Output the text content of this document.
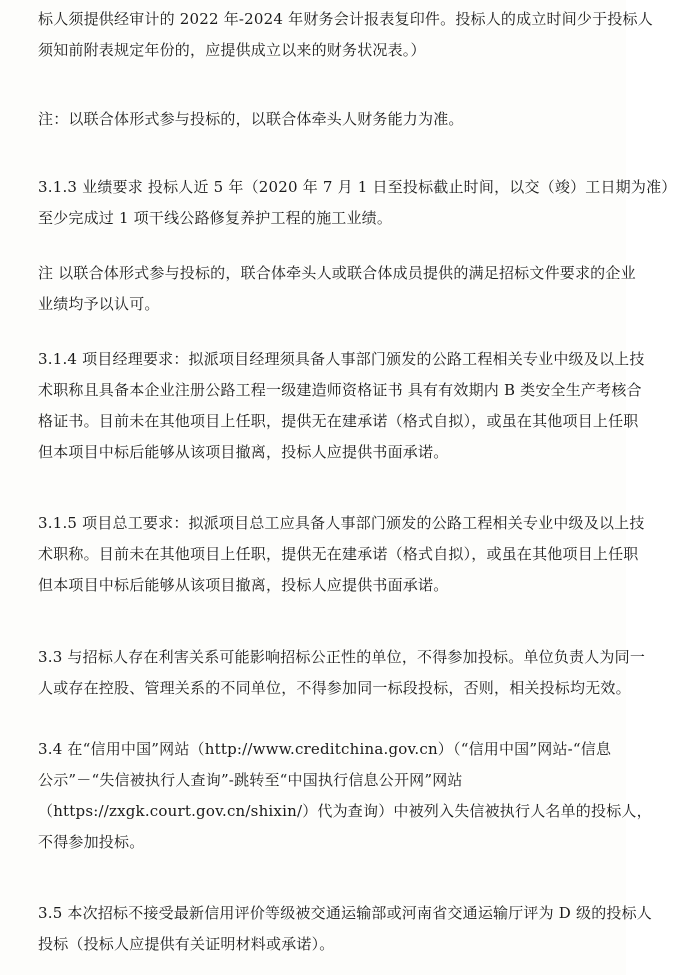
标人须提供经审计的 2022 年-2024 年财务会计报表复印件。投标人的成立时间少于投标人
须知前附表规定年份的，应提供成立以来的财务状况表。）

注：以联合体形式参与投标的，以联合体牵头人财务能力为准。

3.1.3 业绩要求 投标人近 5 年（2020 年 7 月 1 日至投标截止时间，以交（竣）工日期为准）
至少完成过 1 项干线公路修复养护工程的施工业绩。

注 以联合体形式参与投标的，联合体牵头人或联合体成员提供的满足招标文件要求的企业
业绩均予以认可。

3.1.4 项目经理要求：拟派项目经理须具备人事部门颁发的公路工程相关专业中级及以上技
术职称且具备本企业注册公路工程一级建造师资格证书 具有有效期内 B 类安全生产考核合
格证书。目前未在其他项目上任职，提供无在建承诺（格式自拟），或虽在其他项目上任职
但本项目中标后能够从该项目撤离，投标人应提供书面承诺。

3.1.5 项目总工要求：拟派项目总工应具备人事部门颁发的公路工程相关专业中级及以上技
术职称。目前未在其他项目上任职，提供无在建承诺（格式自拟），或虽在其他项目上任职
但本项目中标后能够从该项目撤离，投标人应提供书面承诺。

3.3 与招标人存在利害关系可能影响招标公正性的单位，不得参加投标。单位负责人为同一
人或存在控股、管理关系的不同单位，不得参加同一标段投标，否则，相关投标均无效。

3.4 在“信用中国”网站（http://www.creditchina.gov.cn）（“信用中国”网站-“信息
公示”－“失信被执行人查询”-跳转至“中国执行信息公开网”网站
（https://zxgk.court.gov.cn/shixin/）代为查询）中被列入失信被执行人名单的投标人，
不得参加投标。

3.5 本次招标不接受最新信用评价等级被交通运输部或河南省交通运输厅评为 D 级的投标人
投标（投标人应提供有关证明材料或承诺）。
